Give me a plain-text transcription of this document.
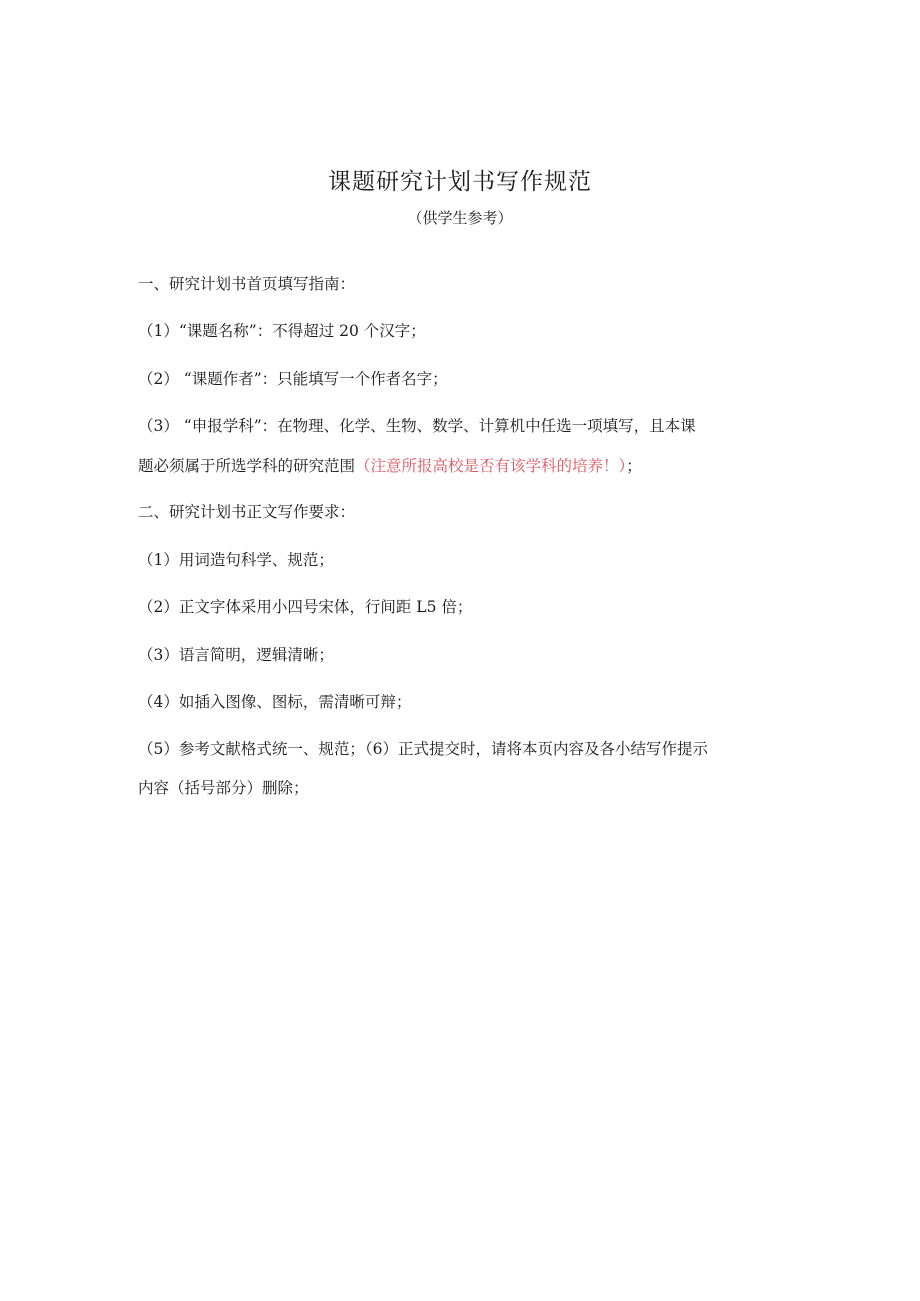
课题研究计划书写作规范
（供学生参考）
一、研究计划书首页填写指南：
（1）“课题名称”：不得超过 20 个汉字；
（2） “课题作者”：只能填写一个作者名字；
（3） “申报学科”：在物理、化学、生物、数学、计算机中任选一项填写，且本课
题必须属于所选学科的研究范围（注意所报高校是否有该学科的培养！）；
二、研究计划书正文写作要求：
（1）用词造句科学、规范；
（2）正文字体采用小四号宋体，行间距 L5 倍；
（3）语言简明，逻辑清晰；
（4）如插入图像、图标，需清晰可辩；
（5）参考文献格式统一、规范；（6）正式提交时，请将本页内容及各小结写作提示
内容（括号部分）删除；
